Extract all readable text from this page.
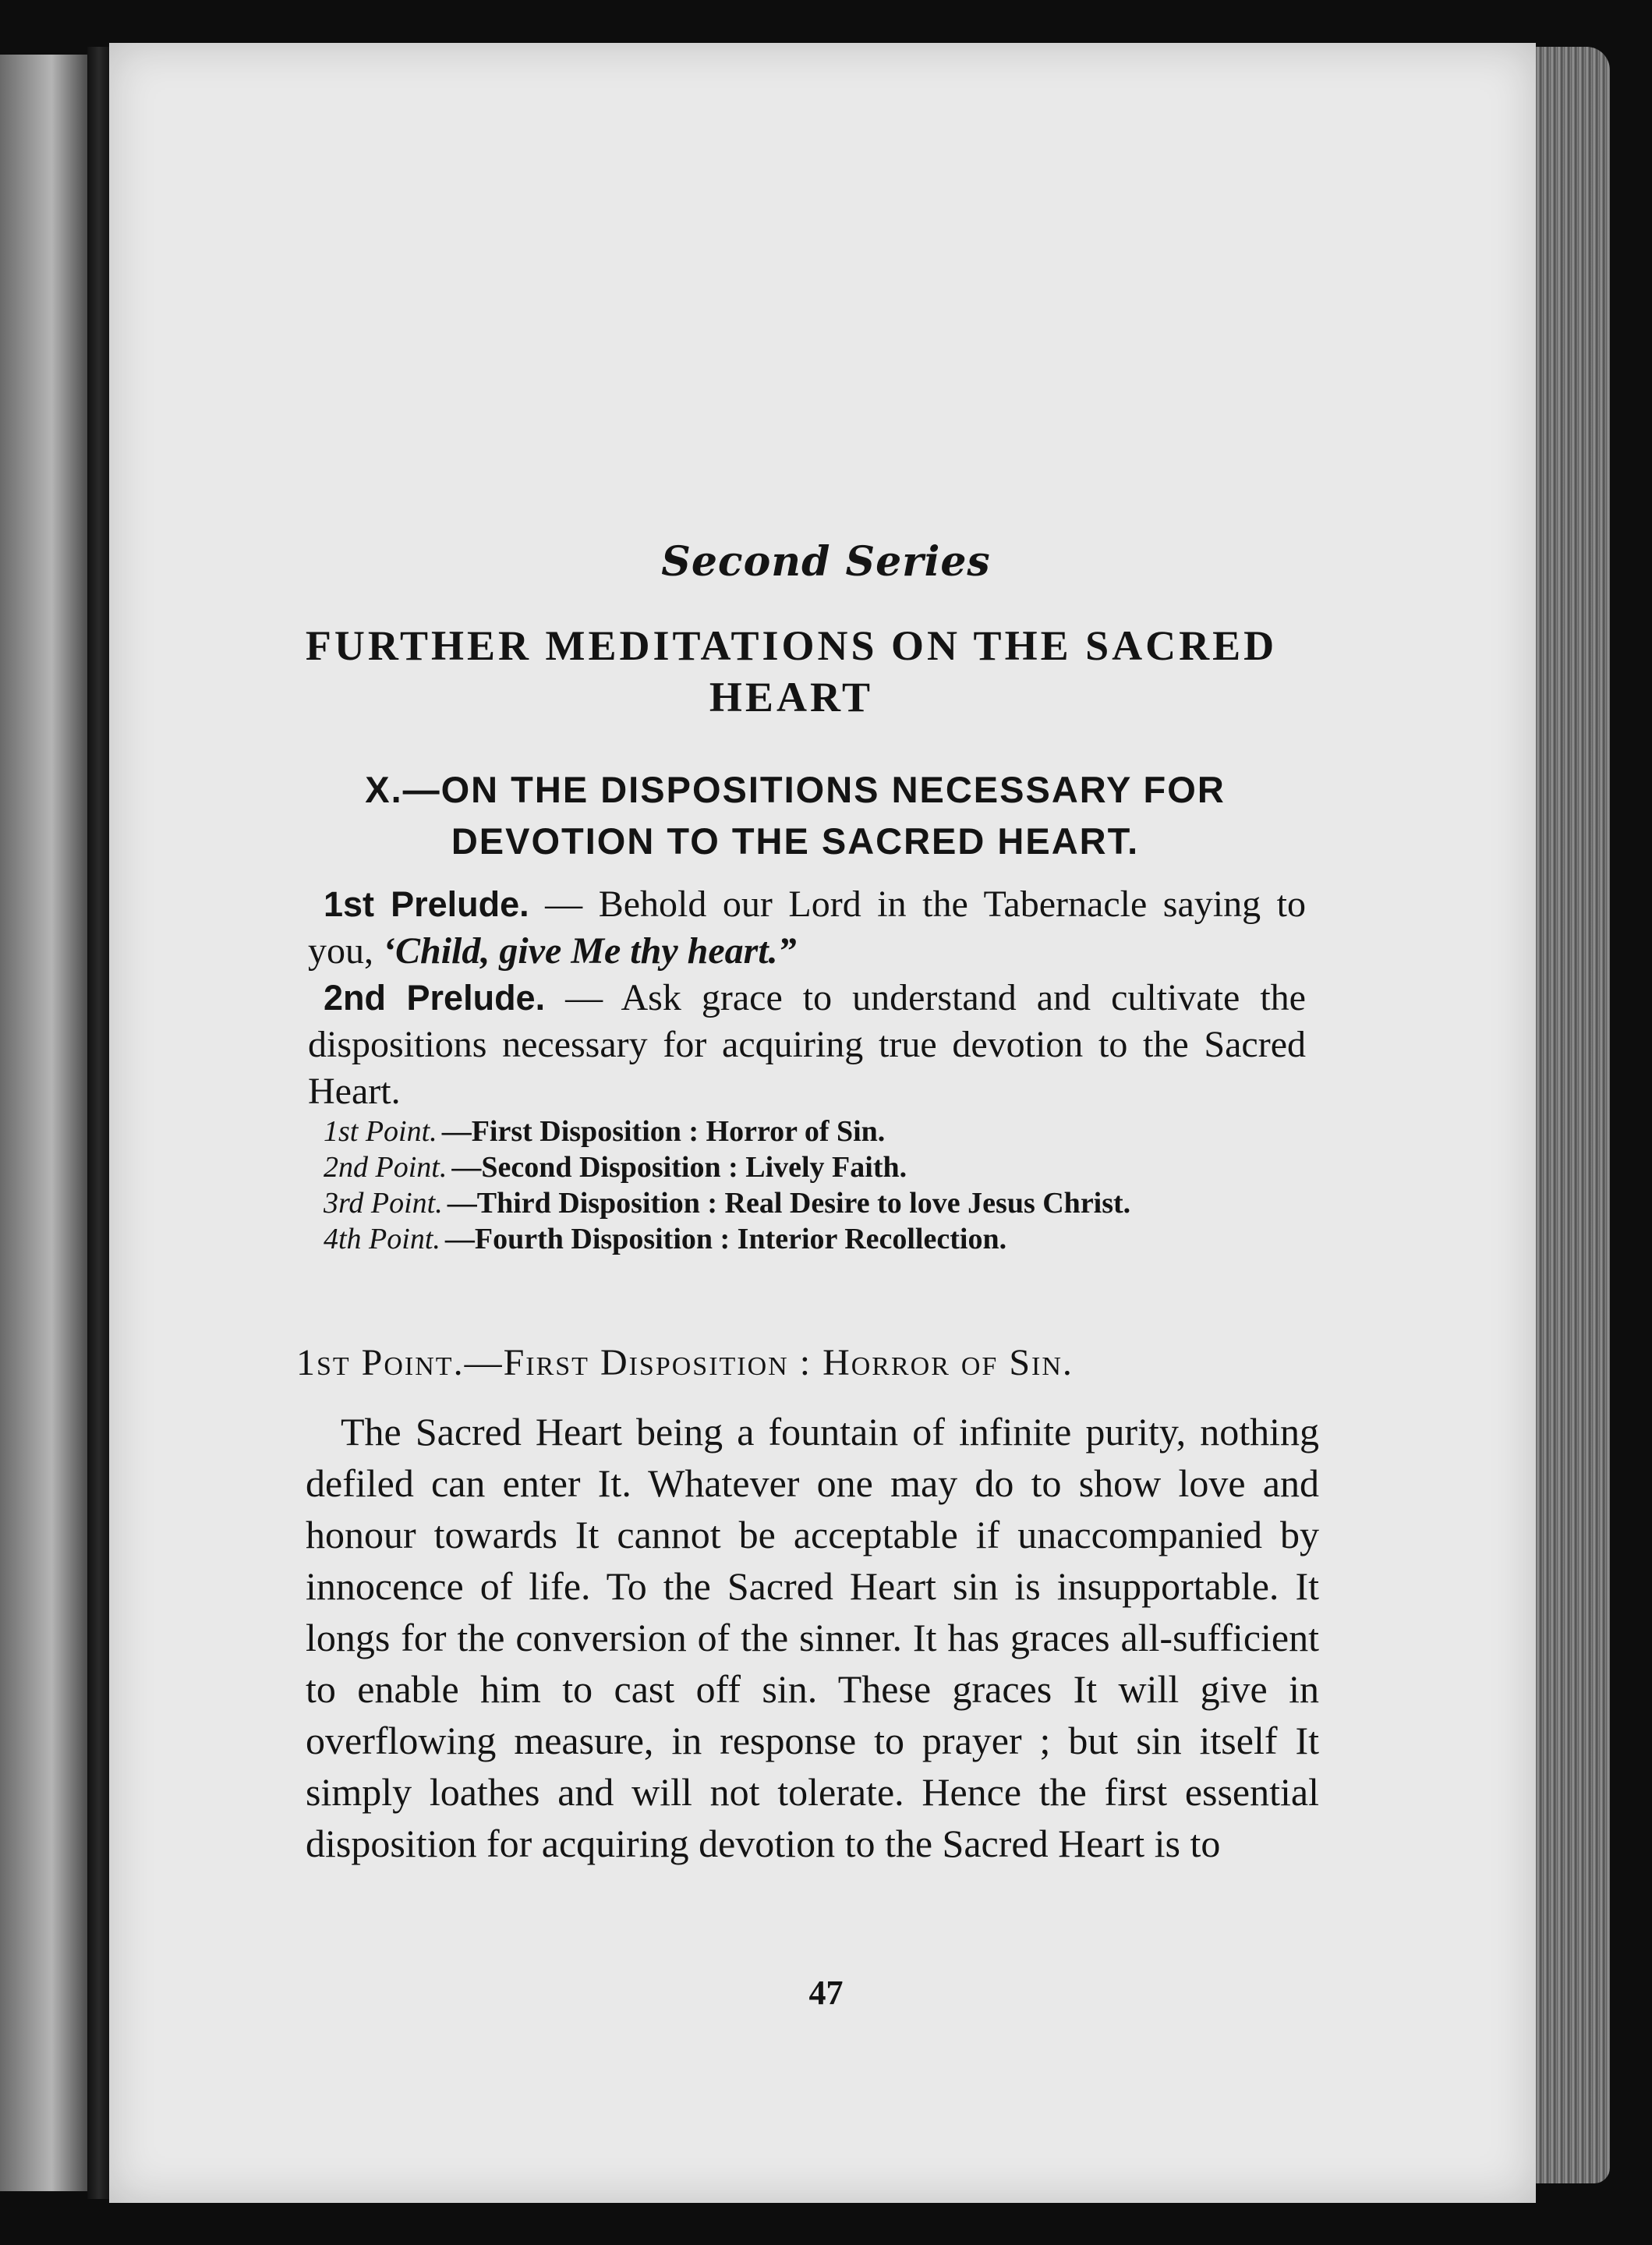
Second Series

FURTHER MEDITATIONS ON THE SACRED HEART
X.—ON THE DISPOSITIONS NECESSARY FOR DEVOTION TO THE SACRED HEART.

1st Prelude. — Behold our Lord in the Tabernacle saying to you, ‘Child, give Me thy heart.”

2nd Prelude. — Ask grace to understand and cultivate the dispositions necessary for acquiring true devotion to the Sacred Heart.

1st Point. —First Disposition : Horror of Sin.
2nd Point. —Second Disposition : Lively Faith.
3rd Point. —Third Disposition : Real Desire to love Jesus Christ.
4th Point. —Fourth Disposition : Interior Recollection.

1st Point.—First Disposition : Horror of Sin.

The Sacred Heart being a fountain of infinite purity, nothing defiled can enter It. Whatever one may do to show love and honour towards It cannot be acceptable if unaccompanied by innocence of life. To the Sacred Heart sin is insupportable. It longs for the conversion of the sinner. It has graces all-sufficient to enable him to cast off sin. These graces It will give in overflowing measure, in response to prayer ; but sin itself It simply loathes and will not tolerate. Hence the first essential disposition for acquiring devotion to the Sacred Heart is to

47
